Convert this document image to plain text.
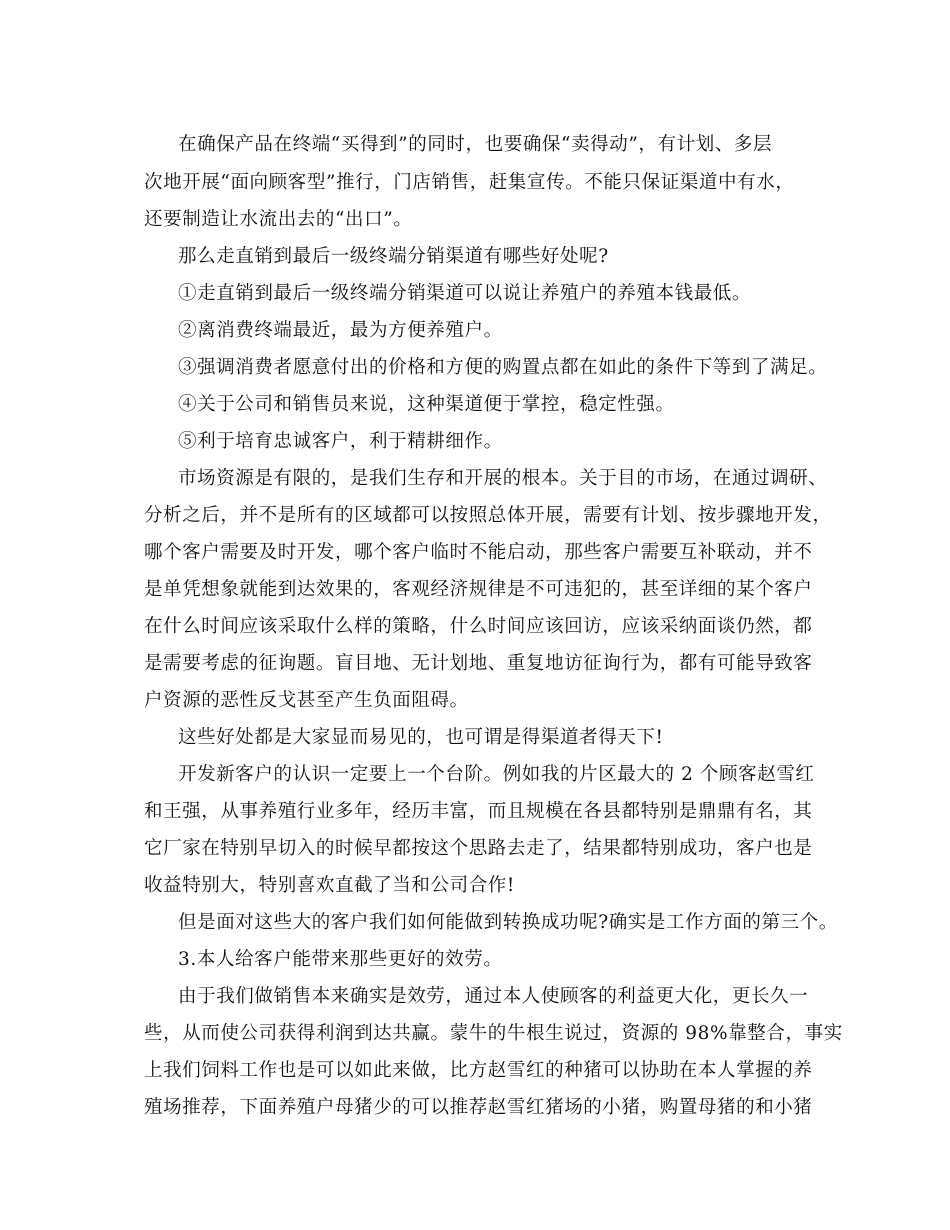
在确保产品在终端“买得到”的同时，也要确保“卖得动”，有计划、多层
次地开展“面向顾客型”推行，门店销售，赶集宣传。不能只保证渠道中有水，
还要制造让水流出去的“出口”。
那么走直销到最后一级终端分销渠道有哪些好处呢?
①走直销到最后一级终端分销渠道可以说让养殖户的养殖本钱最低。
②离消费终端最近，最为方便养殖户。
③强调消费者愿意付出的价格和方便的购置点都在如此的条件下等到了满足。
④关于公司和销售员来说，这种渠道便于掌控，稳定性强。
⑤利于培育忠诚客户，利于精耕细作。
市场资源是有限的，是我们生存和开展的根本。关于目的市场，在通过调研、
分析之后，并不是所有的区域都可以按照总体开展，需要有计划、按步骤地开发，
哪个客户需要及时开发，哪个客户临时不能启动，那些客户需要互补联动，并不
是单凭想象就能到达效果的，客观经济规律是不可违犯的，甚至详细的某个客户
在什么时间应该采取什么样的策略，什么时间应该回访，应该采纳面谈仍然，都
是需要考虑的征询题。盲目地、无计划地、重复地访征询行为，都有可能导致客
户资源的恶性反戈甚至产生负面阻碍。
这些好处都是大家显而易见的，也可谓是得渠道者得天下!
开发新客户的认识一定要上一个台阶。例如我的片区最大的 2 个顾客赵雪红
和王强，从事养殖行业多年，经历丰富，而且规模在各县都特别是鼎鼎有名，其
它厂家在特别早切入的时候早都按这个思路去走了，结果都特别成功，客户也是
收益特别大，特别喜欢直截了当和公司合作!
但是面对这些大的客户我们如何能做到转换成功呢?确实是工作方面的第三个。
3.本人给客户能带来那些更好的效劳。
由于我们做销售本来确实是效劳，通过本人使顾客的利益更大化，更长久一
些，从而使公司获得利润到达共赢。蒙牛的牛根生说过，资源的 98%靠整合，事实
上我们饲料工作也是可以如此来做，比方赵雪红的种猪可以协助在本人掌握的养
殖场推荐，下面养殖户母猪少的可以推荐赵雪红猪场的小猪，购置母猪的和小猪
